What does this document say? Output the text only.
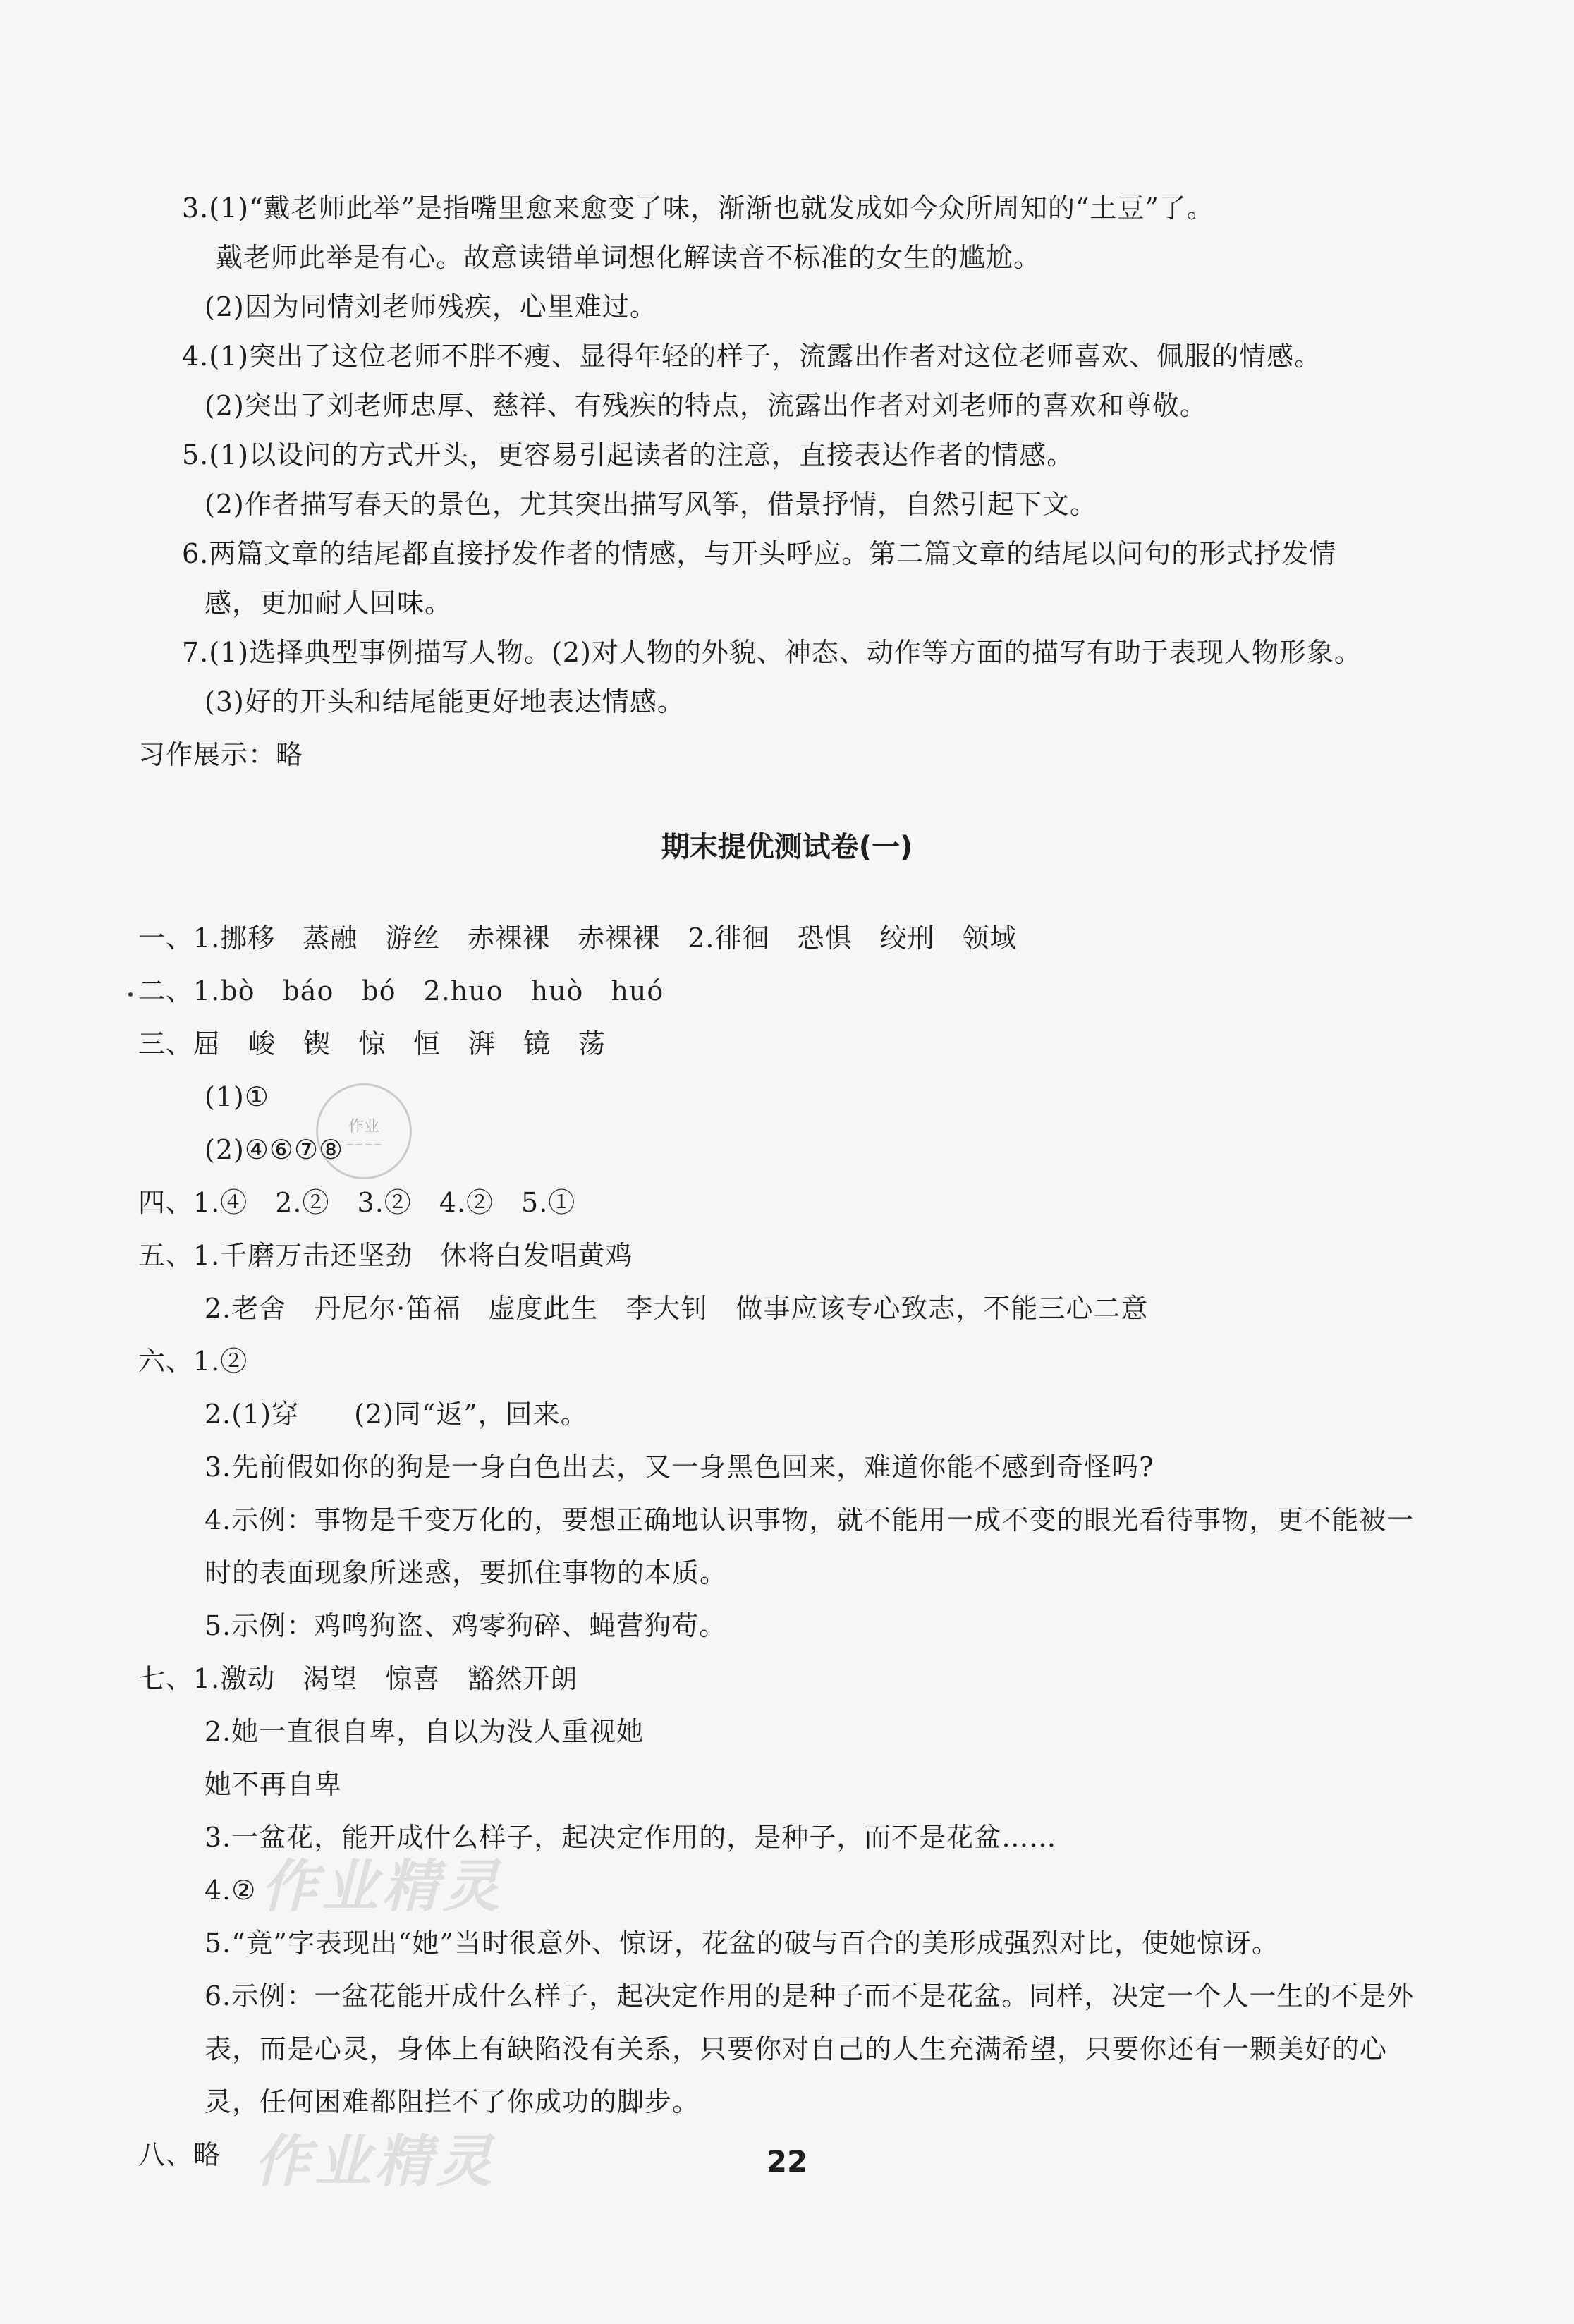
3.(1)“戴老师此举”是指嘴里愈来愈变了味，渐渐也就发成如今众所周知的“土豆”了。
戴老师此举是有心。故意读错单词想化解读音不标准的女生的尴尬。
(2)因为同情刘老师残疾，心里难过。
4.(1)突出了这位老师不胖不瘦、显得年轻的样子，流露出作者对这位老师喜欢、佩服的情感。
(2)突出了刘老师忠厚、慈祥、有残疾的特点，流露出作者对刘老师的喜欢和尊敬。
5.(1)以设问的方式开头，更容易引起读者的注意，直接表达作者的情感。
(2)作者描写春天的景色，尤其突出描写风筝，借景抒情，自然引起下文。
6.两篇文章的结尾都直接抒发作者的情感，与开头呼应。第二篇文章的结尾以问句的形式抒发情
感，更加耐人回味。
7.(1)选择典型事例描写人物。(2)对人物的外貌、神态、动作等方面的描写有助于表现人物形象。
(3)好的开头和结尾能更好地表达情感。
习作展示：略
期末提优测试卷(一)
一、1.挪移　蒸融　游丝　赤裸裸　赤裸裸　2.徘徊　恐惧　绞刑　领域
二、1.bò　báo　bó　2.huo　huò　huó
三、屈　峻　锲　惊　恒　湃　镜　荡
(1)①
(2)④⑥⑦⑧
四、1.④　2.②　3.②　4.②　5.①
五、1.千磨万击还坚劲　休将白发唱黄鸡
2.老舍　丹尼尔·笛福　虚度此生　李大钊　做事应该专心致志，不能三心二意
六、1.②
2.(1)穿　　(2)同“返”，回来。
3.先前假如你的狗是一身白色出去，又一身黑色回来，难道你能不感到奇怪吗?
4.示例：事物是千变万化的，要想正确地认识事物，就不能用一成不变的眼光看待事物，更不能被一
时的表面现象所迷惑，要抓住事物的本质。
5.示例：鸡鸣狗盗、鸡零狗碎、蝇营狗苟。
七、1.激动　渴望　惊喜　豁然开朗
2.她一直很自卑，自以为没人重视她
她不再自卑
3.一盆花，能开成什么样子，起决定作用的，是种子，而不是花盆……
4.②
5.“竟”字表现出“她”当时很意外、惊讶，花盆的破与百合的美形成强烈对比，使她惊讶。
6.示例：一盆花能开成什么样子，起决定作用的是种子而不是花盆。同样，决定一个人一生的不是外
表，而是心灵，身体上有缺陷没有关系，只要你对自己的人生充满希望，只要你还有一颗美好的心
灵，任何困难都阻拦不了你成功的脚步。
八、略
作业精灵
作业精灵
作业
— — — —
22
